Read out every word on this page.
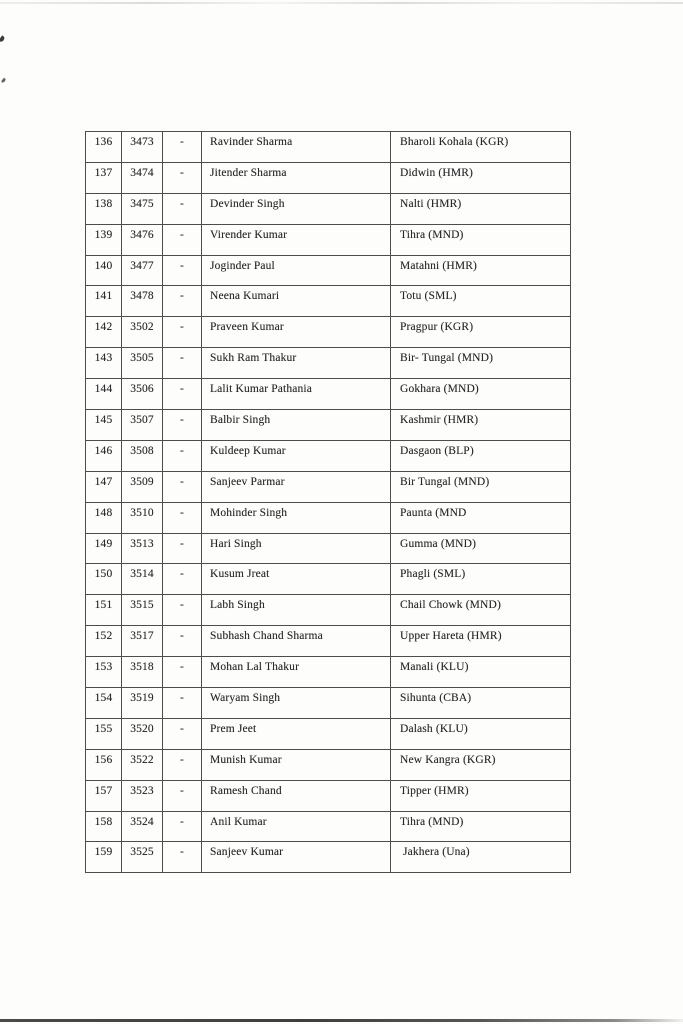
136	3473	-	Ravinder Sharma	Bharoli Kohala (KGR)
137	3474	-	Jitender Sharma	Didwin (HMR)
138	3475	-	Devinder Singh	Nalti (HMR)
139	3476	-	Virender Kumar	Tihra (MND)
140	3477	-	Joginder Paul	Matahni (HMR)
141	3478	-	Neena Kumari	Totu (SML)
142	3502	-	Praveen Kumar	Pragpur (KGR)
143	3505	-	Sukh Ram Thakur	Bir- Tungal (MND)
144	3506	-	Lalit Kumar Pathania	Gokhara (MND)
145	3507	-	Balbir Singh	Kashmir (HMR)
146	3508	-	Kuldeep Kumar	Dasgaon (BLP)
147	3509	-	Sanjeev Parmar	Bir Tungal (MND)
148	3510	-	Mohinder Singh	Paunta (MND
149	3513	-	Hari Singh	Gumma (MND)
150	3514	-	Kusum Jreat	Phagli (SML)
151	3515	-	Labh Singh	Chail Chowk (MND)
152	3517	-	Subhash Chand Sharma	Upper Hareta (HMR)
153	3518	-	Mohan Lal Thakur	Manali (KLU)
154	3519	-	Waryam Singh	Sihunta (CBA)
155	3520	-	Prem Jeet	Dalash (KLU)
156	3522	-	Munish Kumar	New Kangra (KGR)
157	3523	-	Ramesh Chand	Tipper (HMR)
158	3524	-	Anil Kumar	Tihra (MND)
159	3525	-	Sanjeev Kumar	Jakhera (Una)
